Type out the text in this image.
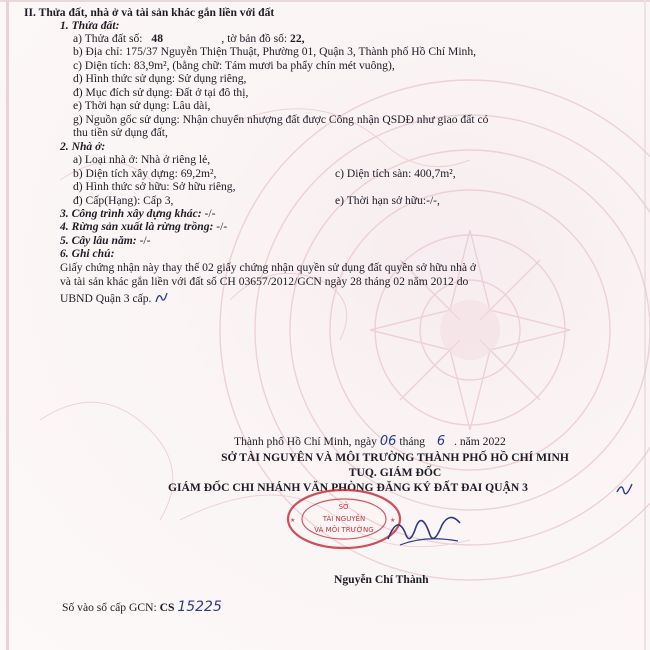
II. Thửa đất, nhà ở và tài sản khác gắn liền với đất
1. Thửa đất:
a) Thửa đất số: 48	, tờ bản đồ số: 22,
b) Địa chỉ: 175/37 Nguyễn Thiện Thuật, Phường 01, Quận 3, Thành phố Hồ Chí Minh,
c) Diện tích: 83,9m², (bằng chữ: Tám mươi ba phẩy chín mét vuông),
d) Hình thức sử dụng: Sử dụng riêng,
đ) Mục đích sử dụng: Đất ở tại đô thị,
e) Thời hạn sử dụng: Lâu dài,
g) Nguồn gốc sử dụng: Nhận chuyển nhượng đất được Công nhận QSDĐ như giao đất có
thu tiền sử dụng đất,
2. Nhà ở:
a) Loại nhà ở: Nhà ở riêng lẻ,
b) Diện tích xây dựng: 69,2m²,	c) Diện tích sàn: 400,7m²,
d) Hình thức sở hữu: Sở hữu riêng,
đ) Cấp(Hạng): Cấp 3,	e) Thời hạn sở hữu:-/-,
3. Công trình xây dựng khác: -/-
4. Rừng sản xuất là rừng trồng: -/-
5. Cây lâu năm: -/-
6. Ghi chú:
Giấy chứng nhận này thay thế 02 giấy chứng nhận quyền sử dụng đất quyền sở hữu nhà ở
và tài sản khác gắn liền với đất số CH 03657/2012/GCN ngày 28 tháng 02 năm 2012 do
UBND Quận 3 cấp.
Thành phố Hồ Chí Minh, ngày 06 tháng 6 . năm 2022
SỞ TÀI NGUYÊN VÀ MÔI TRƯỜNG THÀNH PHỐ HỒ CHÍ MINH
TUQ. GIÁM ĐỐC
GIÁM ĐỐC CHI NHÁNH VĂN PHÒNG ĐĂNG KÝ ĐẤT ĐAI QUẬN 3
SỞ
TÀI NGUYÊN
VÀ MÔI TRƯỜNG
★	★
Nguyễn Chí Thành
Số vào sổ cấp GCN: CS 15225
